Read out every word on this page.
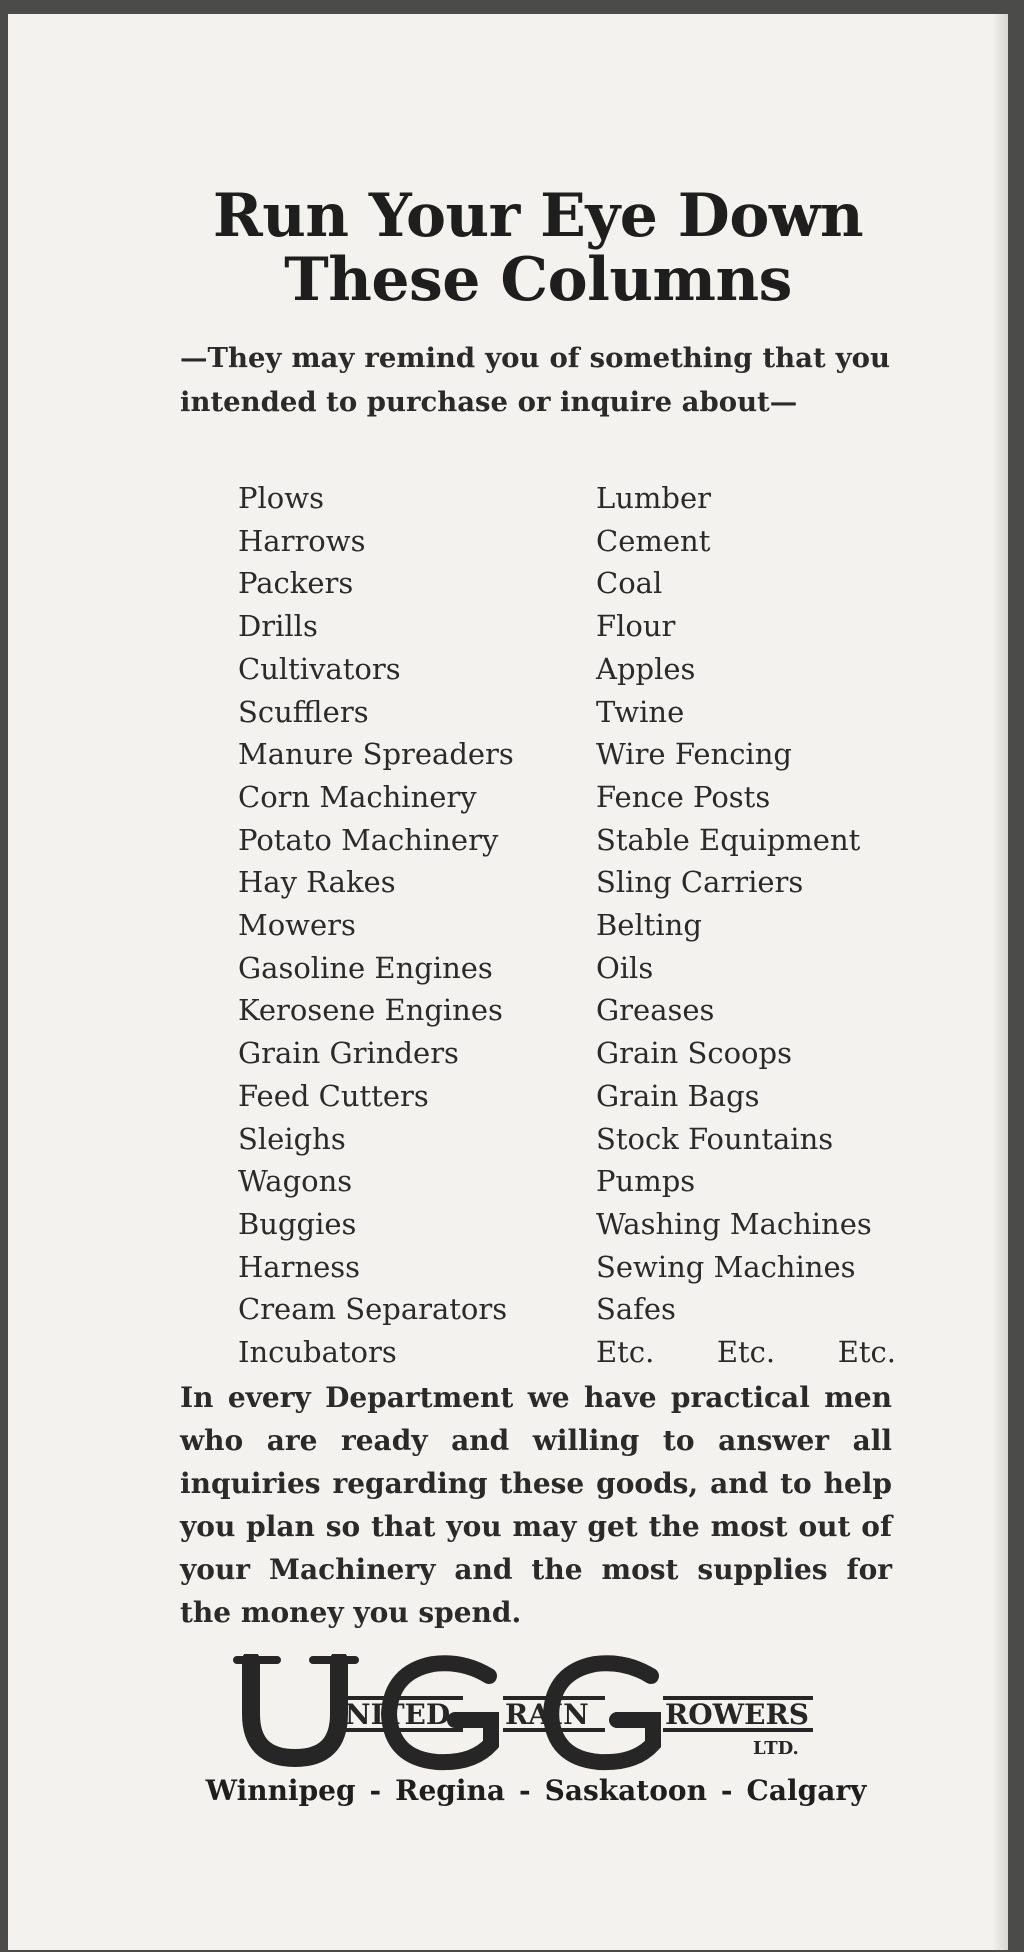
Run Your Eye Down
These Columns

—They may remind you of something that you intended to purchase or inquire about—

Plows
Harrows
Packers
Drills
Cultivators
Scufflers
Manure Spreaders
Corn Machinery
Potato Machinery
Hay Rakes
Mowers
Gasoline Engines
Kerosene Engines
Grain Grinders
Feed Cutters
Sleighs
Wagons
Buggies
Harness
Cream Separators
Incubators
Lumber
Cement
Coal
Flour
Apples
Twine
Wire Fencing
Fence Posts
Stable Equipment
Sling Carriers
Belting
Oils
Greases
Grain Scoops
Grain Bags
Stock Fountains
Pumps
Washing Machines
Sewing Machines
Safes
Etc. Etc. Etc.

In every Department we have practical men who are ready and willing to answer all inquiries regarding these goods, and to help you plan so that you may get the most out of your Machinery and the most supplies for the money you spend.

NITED RAIN	ROWERS
LTD.

Winnipeg - Regina - Saskatoon - Calgary
